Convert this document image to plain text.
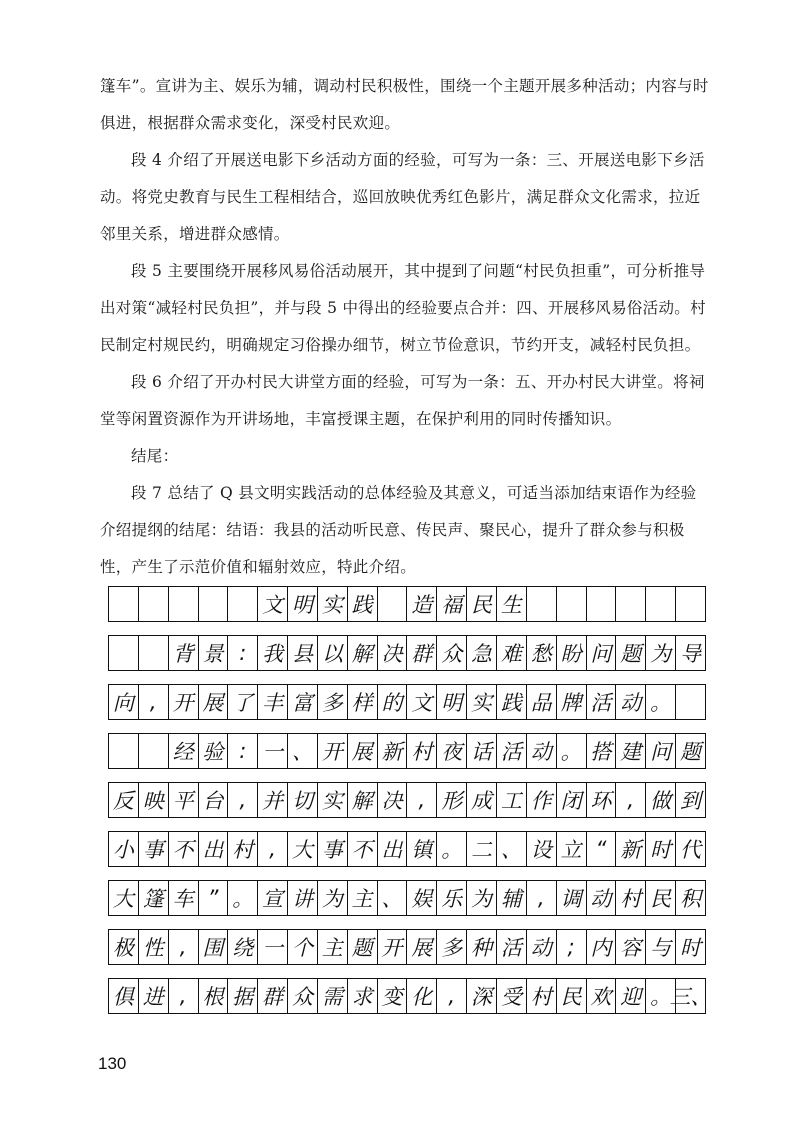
篷车”。宣讲为主、娱乐为辅，调动村民积极性，围绕一个主题开展多种活动；内容与时俱进，根据群众需求变化，深受村民欢迎。

段 4 介绍了开展送电影下乡活动方面的经验，可写为一条：三、开展送电影下乡活动。将党史教育与民生工程相结合，巡回放映优秀红色影片，满足群众文化需求，拉近邻里关系，增进群众感情。

段 5 主要围绕开展移风易俗活动展开，其中提到了问题“村民负担重”，可分析推导出对策“减轻村民负担”，并与段 5 中得出的经验要点合并：四、开展移风易俗活动。村民制定村规民约，明确规定习俗操办细节，树立节俭意识，节约开支，减轻村民负担。

段 6 介绍了开办村民大讲堂方面的经验，可写为一条：五、开办村民大讲堂。将祠堂等闲置资源作为开讲场地，丰富授课主题，在保护利用的同时传播知识。

结尾：

段 7 总结了 Q 县文明实践活动的总体经验及其意义，可适当添加结束语作为经验介绍提纲的结尾：结语：我县的活动听民意、传民声、聚民心，提升了群众参与积极性，产生了示范价值和辐射效应，特此介绍。

文 明 实 践 造 福 民 生
背 景 : 我 县 以 解 决 群 众 急 难 愁 盼 问 题 为 导
向 , 开 展 了 丰 富 多 样 的 文 明 实 践 品 牌 活 动 。
经 验 : 一 、 开 展 新 村 夜 话 活 动 。 搭 建 问 题
反 映 平 台 , 并 切 实 解 决 , 形 成 工 作 闭 环 , 做 到
小 事 不 出 村 , 大 事 不 出 镇 。 二 、 设 立 “ 新 时 代
大 篷 车 ” 。 宣 讲 为 主 、 娱 乐 为 辅 , 调 动 村 民 积
极 性 , 围 绕 一 个 主 题 开 展 多 种 活 动 ; 内 容 与 时
俱 进 , 根 据 群 众 需 求 变 化 , 深 受 村 民 欢 迎 。
三、
130
